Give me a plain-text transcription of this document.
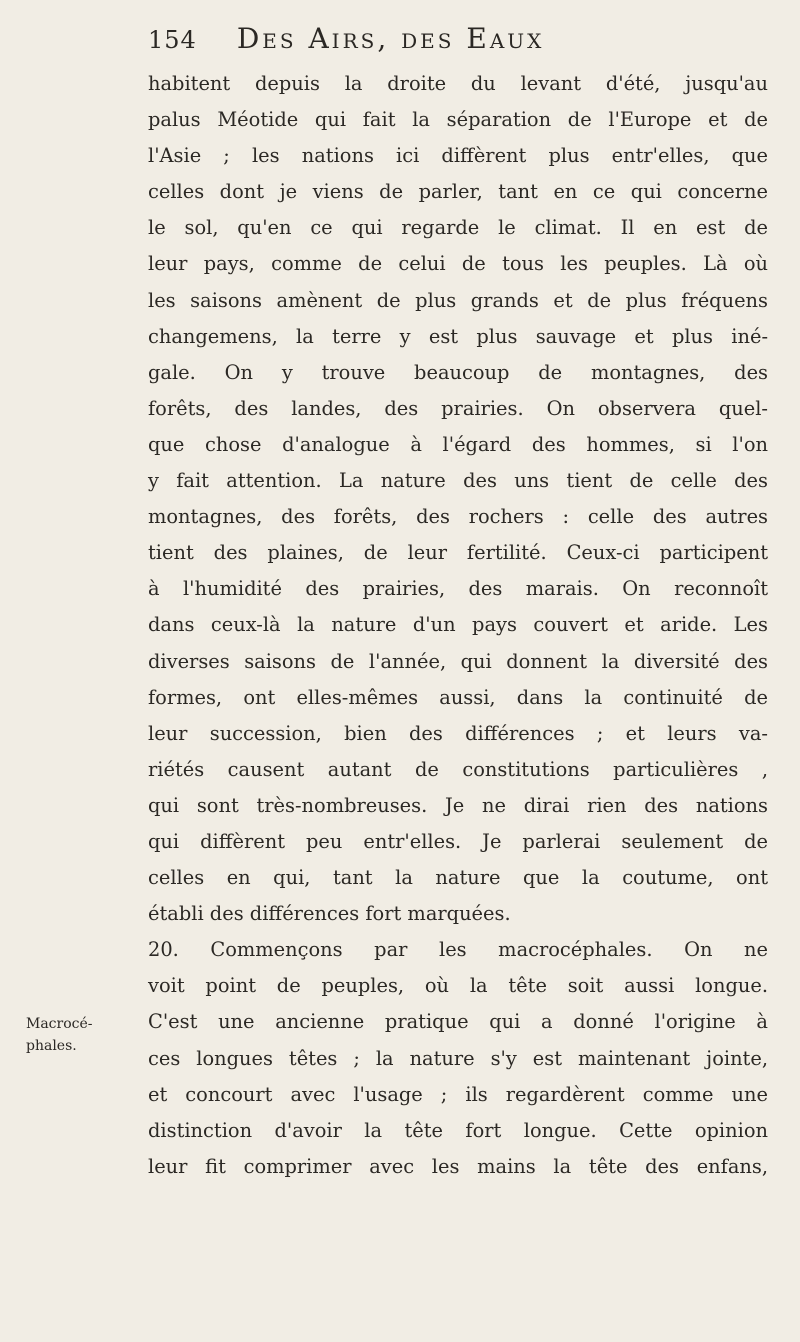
154 Des Airs, des Eaux
Macrocé-
phales.
habitent depuis la droite du levant d'été, jusqu'au
palus Méotide qui fait la séparation de l'Europe et de
l'Asie ; les nations ici diffèrent plus entr'elles, que
celles dont je viens de parler, tant en ce qui concerne
le sol, qu'en ce qui regarde le climat. Il en est de
leur pays, comme de celui de tous les peuples. Là où
les saisons amènent de plus grands et de plus fréquens
changemens, la terre y est plus sauvage et plus iné-
gale. On y trouve beaucoup de montagnes, des
forêts, des landes, des prairies. On observera quel-
que chose d'analogue à l'égard des hommes, si l'on
y fait attention. La nature des uns tient de celle des
montagnes, des forêts, des rochers : celle des autres
tient des plaines, de leur fertilité. Ceux-ci participent
à l'humidité des prairies, des marais. On reconnoît
dans ceux-là la nature d'un pays couvert et aride. Les
diverses saisons de l'année, qui donnent la diversité des
formes, ont elles-mêmes aussi, dans la continuité de
leur succession, bien des différences ; et leurs va-
riétés causent autant de constitutions particulières ,
qui sont très-nombreuses. Je ne dirai rien des nations
qui diffèrent peu entr'elles. Je parlerai seulement de
celles en qui, tant la nature que la coutume, ont
établi des différences fort marquées.
20. Commençons par les macrocéphales. On ne
voit point de peuples, où la tête soit aussi longue.
C'est une ancienne pratique qui a donné l'origine à
ces longues têtes ; la nature s'y est maintenant jointe,
et concourt avec l'usage ; ils regardèrent comme une
distinction d'avoir la tête fort longue. Cette opinion
leur fit comprimer avec les mains la tête des enfans,
